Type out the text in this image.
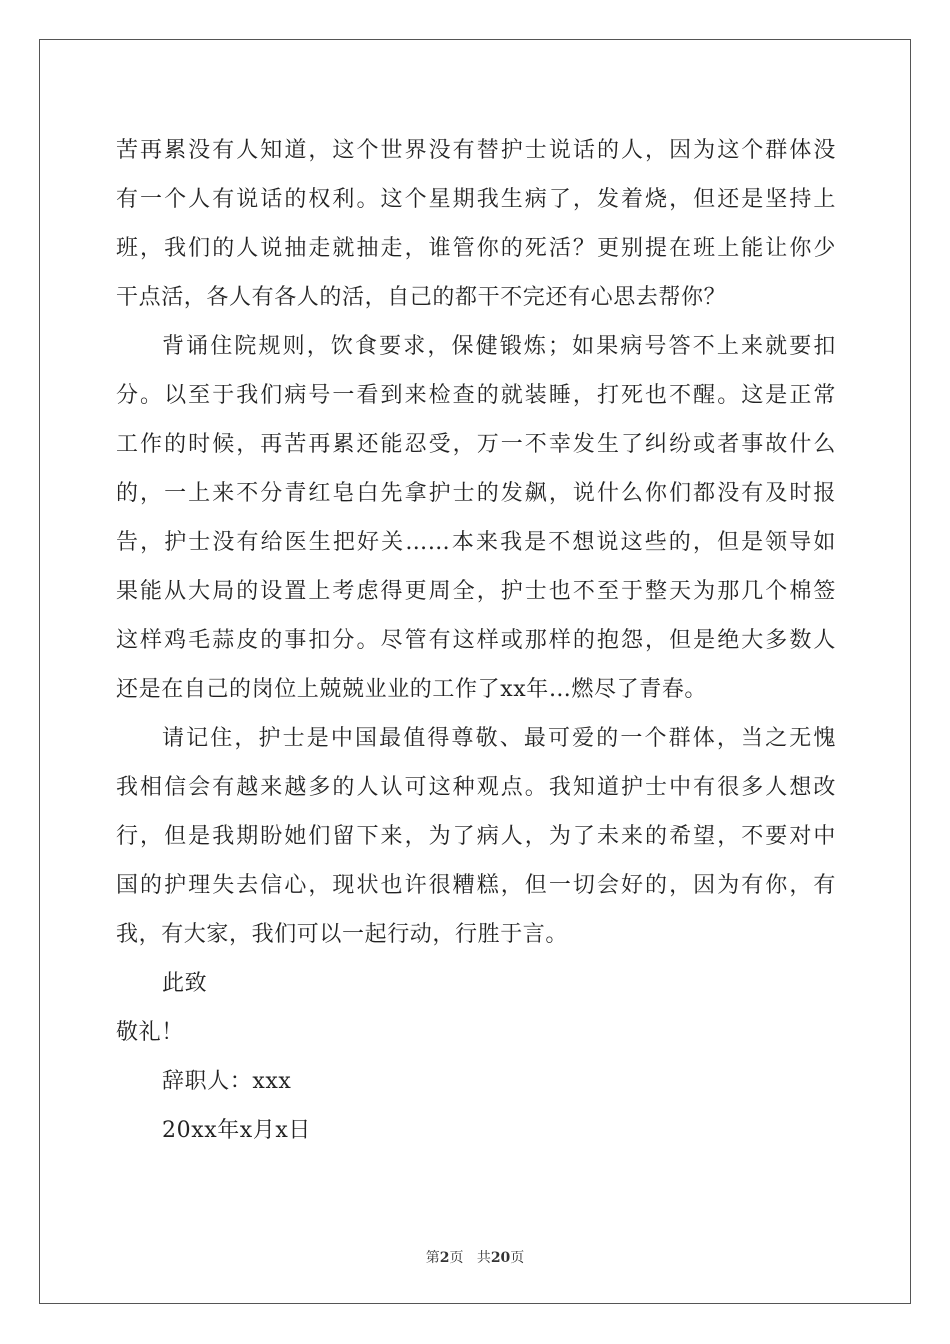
苦再累没有人知道，这个世界没有替护士说话的人，因为这个群体没
有一个人有说话的权利。这个星期我生病了，发着烧，但还是坚持上
班，我们的人说抽走就抽走，谁管你的死活？更别提在班上能让你少
干点活，各人有各人的活，自己的都干不完还有心思去帮你？
背诵住院规则，饮食要求，保健锻炼；如果病号答不上来就要扣
分。以至于我们病号一看到来检查的就装睡，打死也不醒。这是正常
工作的时候，再苦再累还能忍受，万一不幸发生了纠纷或者事故什么
的，一上来不分青红皂白先拿护士的发飙，说什么你们都没有及时报
告，护士没有给医生把好关……本来我是不想说这些的，但是领导如
果能从大局的设置上考虑得更周全，护士也不至于整天为那几个棉签
这样鸡毛蒜皮的事扣分。尽管有这样或那样的抱怨，但是绝大多数人
还是在自己的岗位上兢兢业业的工作了xx年…燃尽了青春。
请记住，护士是中国最值得尊敬、最可爱的一个群体，当之无愧
我相信会有越来越多的人认可这种观点。我知道护士中有很多人想改
行，但是我期盼她们留下来，为了病人，为了未来的希望，不要对中
国的护理失去信心，现状也许很糟糕，但一切会好的，因为有你，有
我，有大家，我们可以一起行动，行胜于言。
此致
敬礼！
辞职人：xxx
20xx年x月x日
第2页 共20页
